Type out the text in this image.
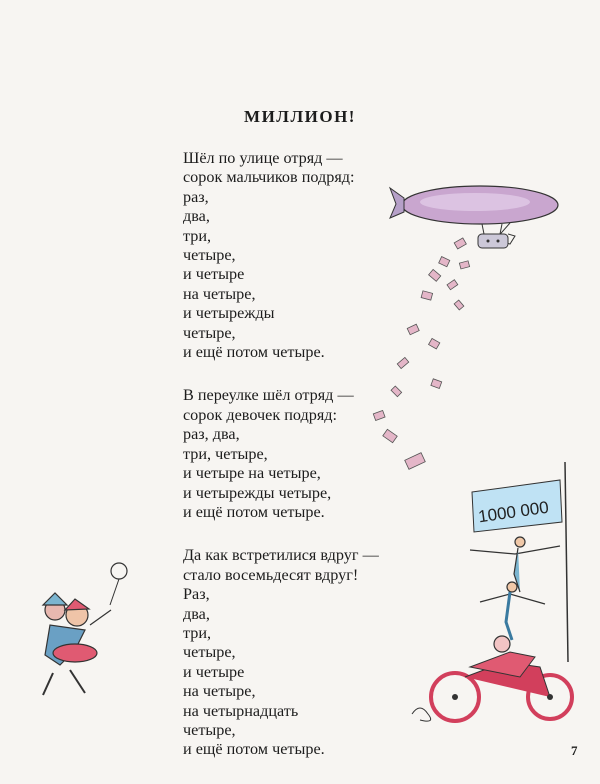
МИЛЛИОН!
Шёл по улице отряд —
сорок мальчиков подряд:
раз,
два,
три,
четыре,
и четыре
на четыре,
и четырежды
четыре,
и ещё потом четыре.
В переулке шёл отряд —
сорок девочек подряд:
раз, два,
три, четыре,
и четыре на четыре,
и четырежды четыре,
и ещё потом четыре.
Да как встретилися вдруг —
стало восемьдесят вдруг!
Раз,
два,
три,
четыре,
и четыре
на четыре,
на четырнадцать
четыре,
и ещё потом четыре.
1000 000
7
